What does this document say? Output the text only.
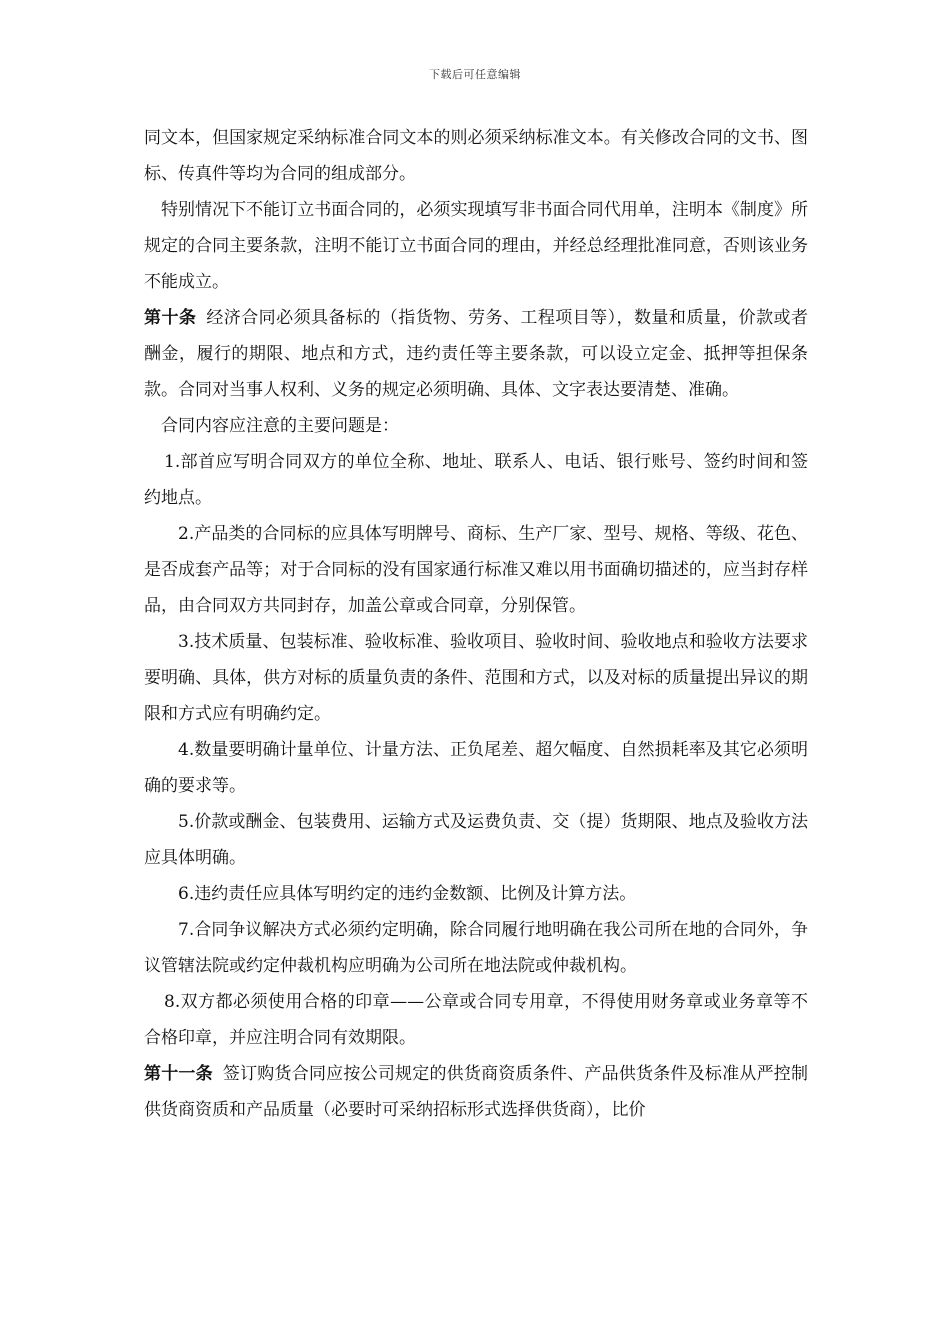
下载后可任意编辑

同文本，但国家规定采纳标准合同文本的则必须采纳标准文本。有关修改合同的文书、图标、传真件等均为合同的组成部分。

特别情况下不能订立书面合同的，必须实现填写非书面合同代用单，注明本《制度》所规定的合同主要条款，注明不能订立书面合同的理由，并经总经理批准同意，否则该业务不能成立。

第十条 经济合同必须具备标的（指货物、劳务、工程项目等），数量和质量，价款或者酬金，履行的期限、地点和方式，违约责任等主要条款，可以设立定金、抵押等担保条款。合同对当事人权利、义务的规定必须明确、具体、文字表达要清楚、准确。

合同内容应注意的主要问题是：

1.部首应写明合同双方的单位全称、地址、联系人、电话、银行账号、签约时间和签约地点。

2.产品类的合同标的应具体写明牌号、商标、生产厂家、型号、规格、等级、花色、是否成套产品等；对于合同标的没有国家通行标准又难以用书面确切描述的，应当封存样品，由合同双方共同封存，加盖公章或合同章，分别保管。

3.技术质量、包装标准、验收标准、验收项目、验收时间、验收地点和验收方法要求要明确、具体，供方对标的质量负责的条件、范围和方式，以及对标的质量提出异议的期限和方式应有明确约定。

4.数量要明确计量单位、计量方法、正负尾差、超欠幅度、自然损耗率及其它必须明确的要求等。

5.价款或酬金、包装费用、运输方式及运费负责、交（提）货期限、地点及验收方法应具体明确。

6.违约责任应具体写明约定的违约金数额、比例及计算方法。

7.合同争议解决方式必须约定明确，除合同履行地明确在我公司所在地的合同外，争议管辖法院或约定仲裁机构应明确为公司所在地法院或仲裁机构。

8.双方都必须使用合格的印章——公章或合同专用章，不得使用财务章或业务章等不合格印章，并应注明合同有效期限。

第十一条 签订购货合同应按公司规定的供货商资质条件、产品供货条件及标准从严控制供货商资质和产品质量（必要时可采纳招标形式选择供货商），比价
